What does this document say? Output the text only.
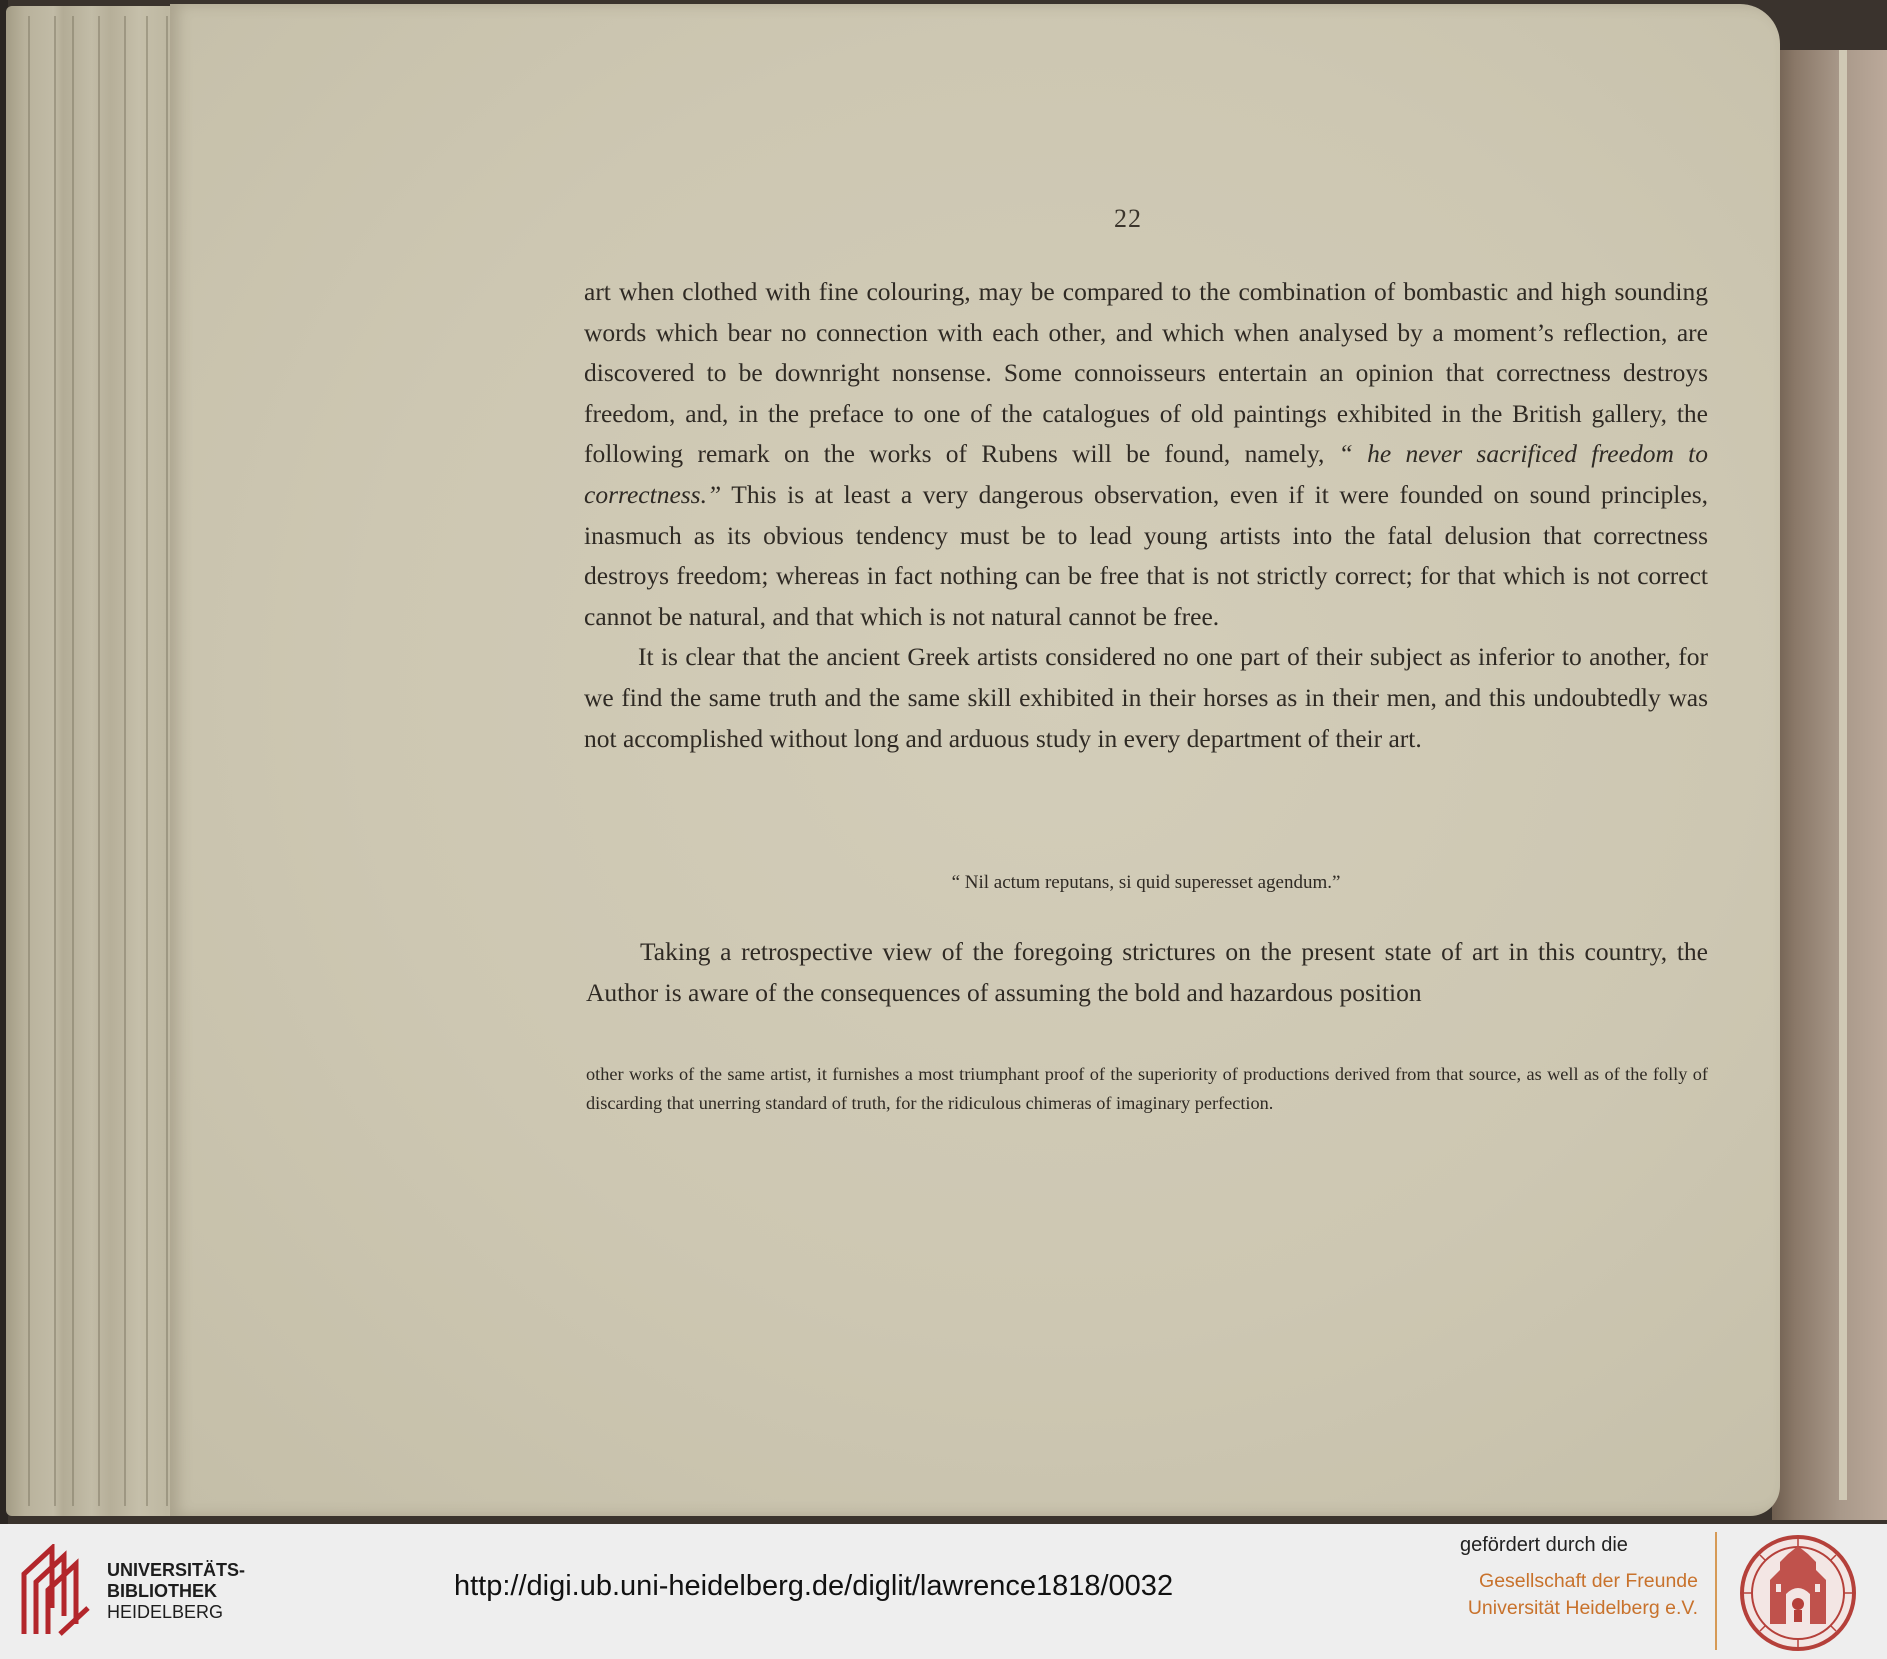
22

art when clothed with fine colouring, may be compared to the combination of bombastic and high sounding words which bear no connection with each other, and which when analysed by a moment’s reflection, are discovered to be downright nonsense. Some connoisseurs entertain an opinion that correctness destroys freedom, and, in the preface to one of the catalogues of old paintings exhibited in the British gallery, the following remark on the works of Rubens will be found, namely, “ he never sacrificed freedom to correctness.” This is at least a very dangerous observation, even if it were founded on sound principles, inasmuch as its obvious tendency must be to lead young artists into the fatal delusion that correctness destroys freedom; whereas in fact nothing can be free that is not strictly correct; for that which is not correct cannot be natural, and that which is not natural cannot be free.

It is clear that the ancient Greek artists considered no one part of their subject as inferior to another, for we find the same truth and the same skill exhibited in their horses as in their men, and this undoubtedly was not accomplished without long and arduous study in every department of their art.

“ Nil actum reputans, si quid superesset agendum.”
Taking a retrospective view of the foregoing strictures on the present state of art in this country, the Author is aware of the consequences of assuming the bold and hazardous position
other works of the same artist, it furnishes a most triumphant proof of the superiority of productions derived from that source, as well as of the folly of discarding that unerring standard of truth, for the ridiculous chimeras of imaginary perfection.
UNIVERSITÄTS-
BIBLIOTHEK
HEIDELBERG
http://digi.ub.uni-heidelberg.de/diglit/lawrence1818/0032
gefördert durch die
Gesellschaft der Freunde
Universität Heidelberg e.V.
